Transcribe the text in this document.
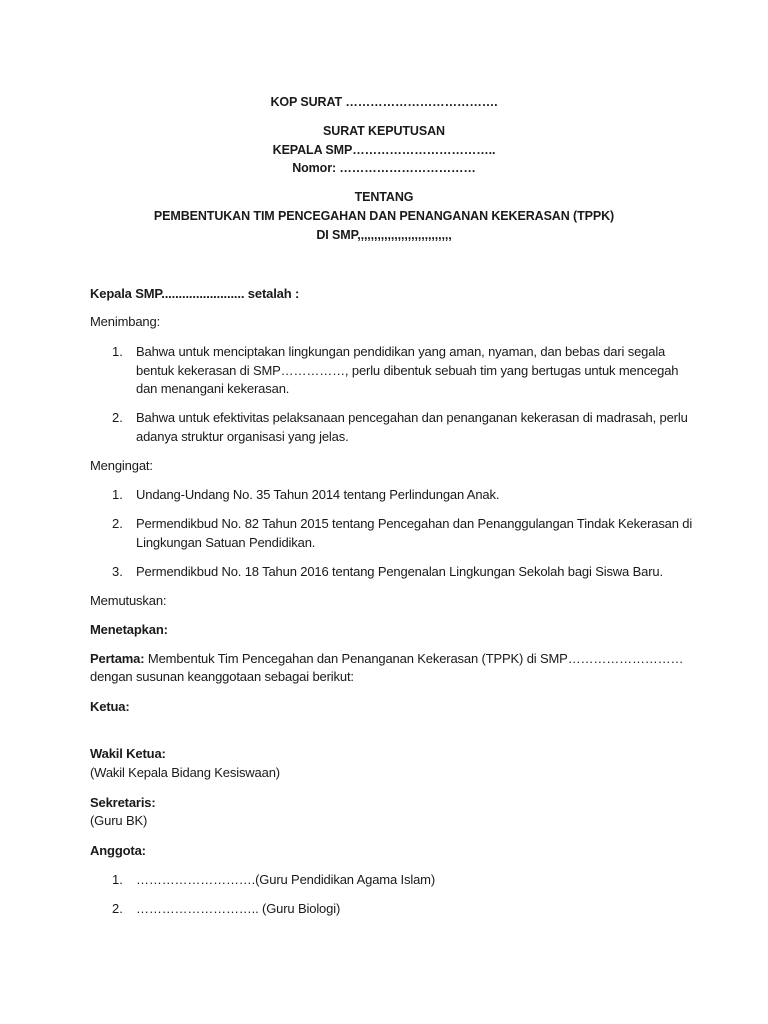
KOP SURAT ……………………………….
SURAT KEPUTUSAN
KEPALA SMP……………………………..
Nomor: ……………………………
TENTANG
PEMBENTUKAN TIM PENCEGAHAN DAN PENANGANAN KEKERASAN (TPPK)
DI SMP,,,,,,,,,,,,,,,,,,,,,,,,,,,,
Kepala SMP........................ setalah :
Menimbang:
1. Bahwa untuk menciptakan lingkungan pendidikan yang aman, nyaman, dan bebas dari segala
bentuk kekerasan di SMP……………, perlu dibentuk sebuah tim yang bertugas untuk mencegah
dan menangani kekerasan.
2. Bahwa untuk efektivitas pelaksanaan pencegahan dan penanganan kekerasan di madrasah, perlu
adanya struktur organisasi yang jelas.
Mengingat:
1. Undang-Undang No. 35 Tahun 2014 tentang Perlindungan Anak.
2. Permendikbud No. 82 Tahun 2015 tentang Pencegahan dan Penanggulangan Tindak Kekerasan di
Lingkungan Satuan Pendidikan.
3. Permendikbud No. 18 Tahun 2016 tentang Pengenalan Lingkungan Sekolah bagi Siswa Baru.
Memutuskan:
Menetapkan:
Pertama: Membentuk Tim Pencegahan dan Penanganan Kekerasan (TPPK) di SMP………………………
dengan susunan keanggotaan sebagai berikut:
Ketua:
Wakil Ketua:
(Wakil Kepala Bidang Kesiswaan)
Sekretaris:
(Guru BK)
Anggota:
1. ……………………….(Guru Pendidikan Agama Islam)
2. ……………………….. (Guru Biologi)
